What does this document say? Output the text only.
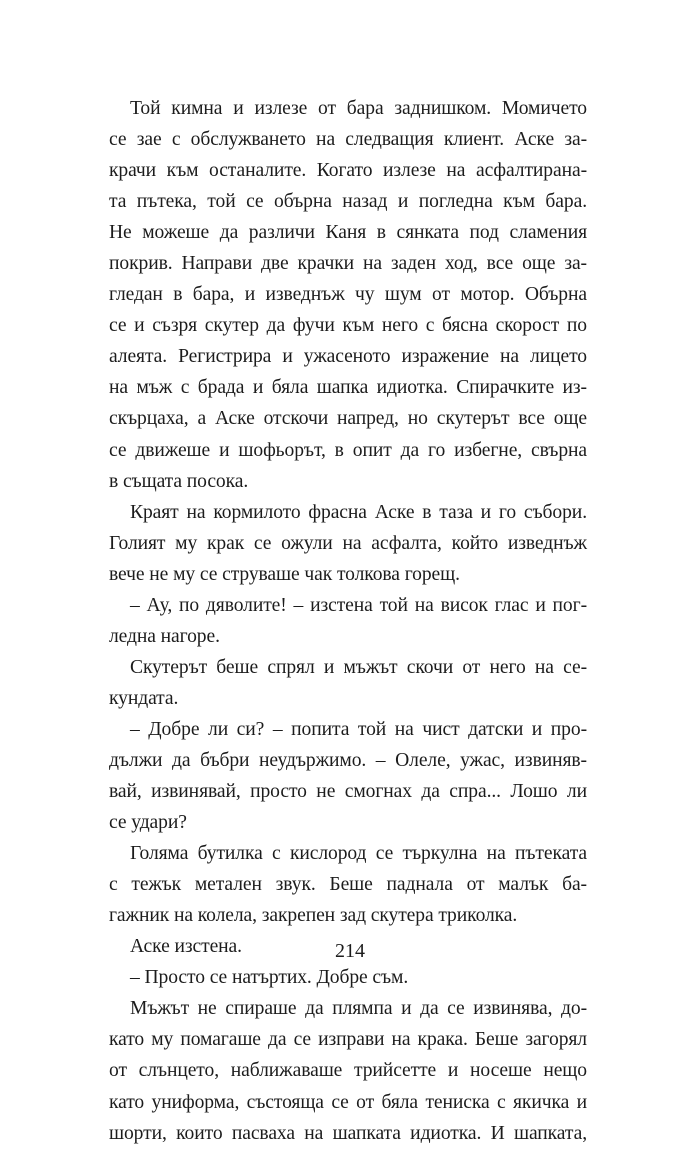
Той кимна и излезе от бара заднишком. Момичето
се зае с обслужването на следващия клиент. Аске за-
крачи към останалите. Когато излезе на асфалтирана-
та пътека, той се обърна назад и погледна към бара.
Не можеше да различи Каня в сянката под сламения
покрив. Направи две крачки на заден ход, все още за-
гледан в бара, и изведнъж чу шум от мотор. Обърна
се и съзря скутер да фучи към него с бясна скорост по
алеята. Регистрира и ужасеното изражение на лицето
на мъж с брада и бяла шапка идиотка. Спирачките из-
скърцаха, а Аске отскочи напред, но скутерът все още
се движеше и шофьорът, в опит да го избегне, свърна
в същата посока.
Краят на кормилото фрасна Аске в таза и го събори.
Голият му крак се ожули на асфалта, който изведнъж
вече не му се струваше чак толкова горещ.
– Ау, по дяволите! – изстена той на висок глас и пог-
ледна нагоре.
Скутерът беше спрял и мъжът скочи от него на се-
кундата.
– Добре ли си? – попита той на чист датски и про-
дължи да бъбри неудържимо. – Олеле, ужас, извиняв-
вай, извинявай, просто не смогнах да спра... Лошо ли
се удари?
Голяма бутилка с кислород се търкулна на пътеката
с тежък метален звук. Беше паднала от малък ба-
гажник на колела, закрепен зад скутера триколка.
Аске изстена.
– Просто се натъртих. Добре съм.
Мъжът не спираше да плямпа и да се извинява, до-
като му помагаше да се изправи на крака. Беше загорял
от слънцето, наближаваше трийсетте и носеше нещо
като униформа, състояща се от бяла тениска с якичка и
шорти, които пасваха на шапката идиотка. И шапката,
214
